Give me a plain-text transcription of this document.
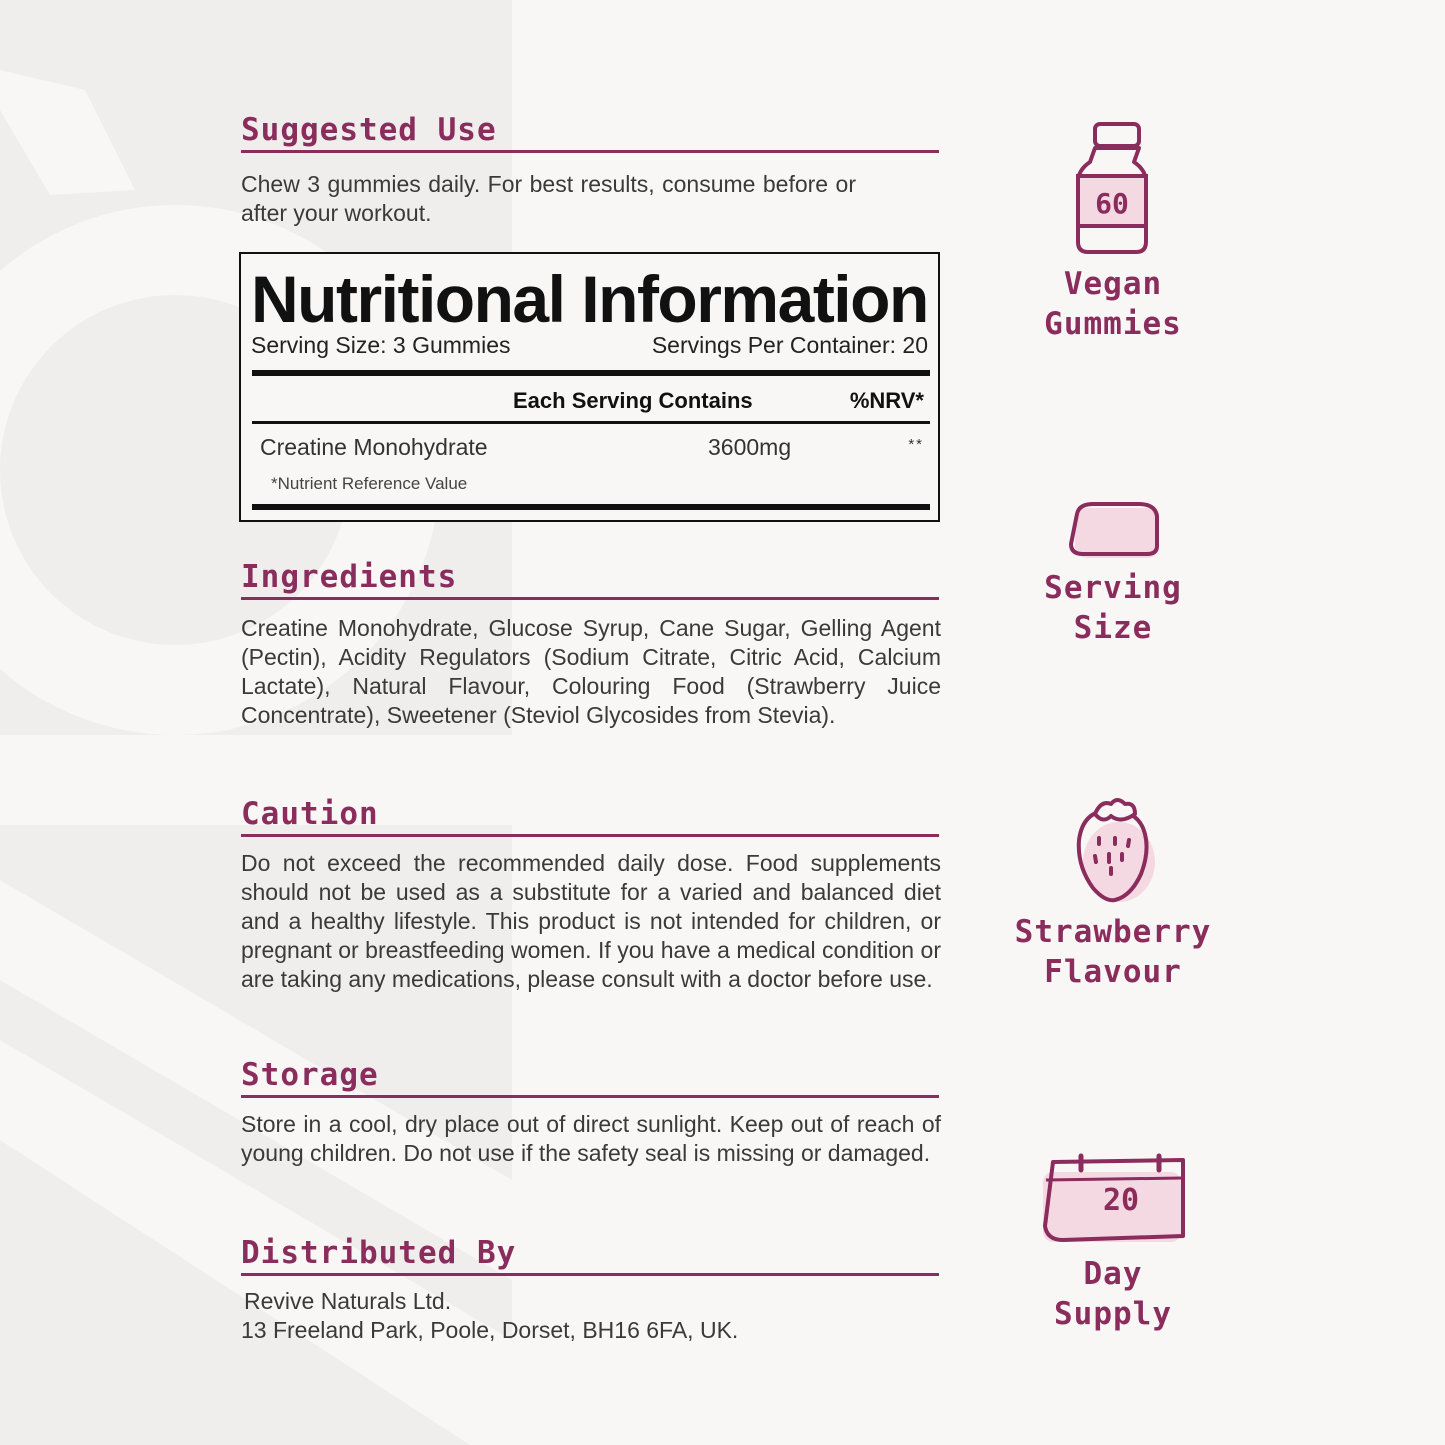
Suggested Use

Chew 3 gummies daily. For best results, consume before or after your workout.

Nutritional Information
Serving Size: 3 Gummies	Servings Per Container: 20
Each Serving Contains	%NRV*
Creatine Monohydrate	3600mg	**
*Nutrient Reference Value
Ingredients

Creatine Monohydrate, Glucose Syrup, Cane Sugar, Gelling Agent (Pectin), Acidity Regulators (Sodium Citrate, Citric Acid, Calcium Lactate), Natural Flavour, Colouring Food (Strawberry Juice Concentrate), Sweetener (Steviol Glycosides from Stevia).

Caution

Do not exceed the recommended daily dose. Food supplements should not be used as a substitute for a varied and balanced diet and a healthy lifestyle. This product is not intended for children, or pregnant or breastfeeding women. If you have a medical condition or are taking any medications, please consult with a doctor before use.

Storage

Store in a cool, dry place out of direct sunlight. Keep out of reach of young children. Do not use if the safety seal is missing or damaged.

Distributed By
Revive Naturals Ltd.
13 Freeland Park, Poole, Dorset, BH16 6FA, UK.
60
Vegan
Gummies
Serving
Size
Strawberry
Flavour
20
Day
Supply
